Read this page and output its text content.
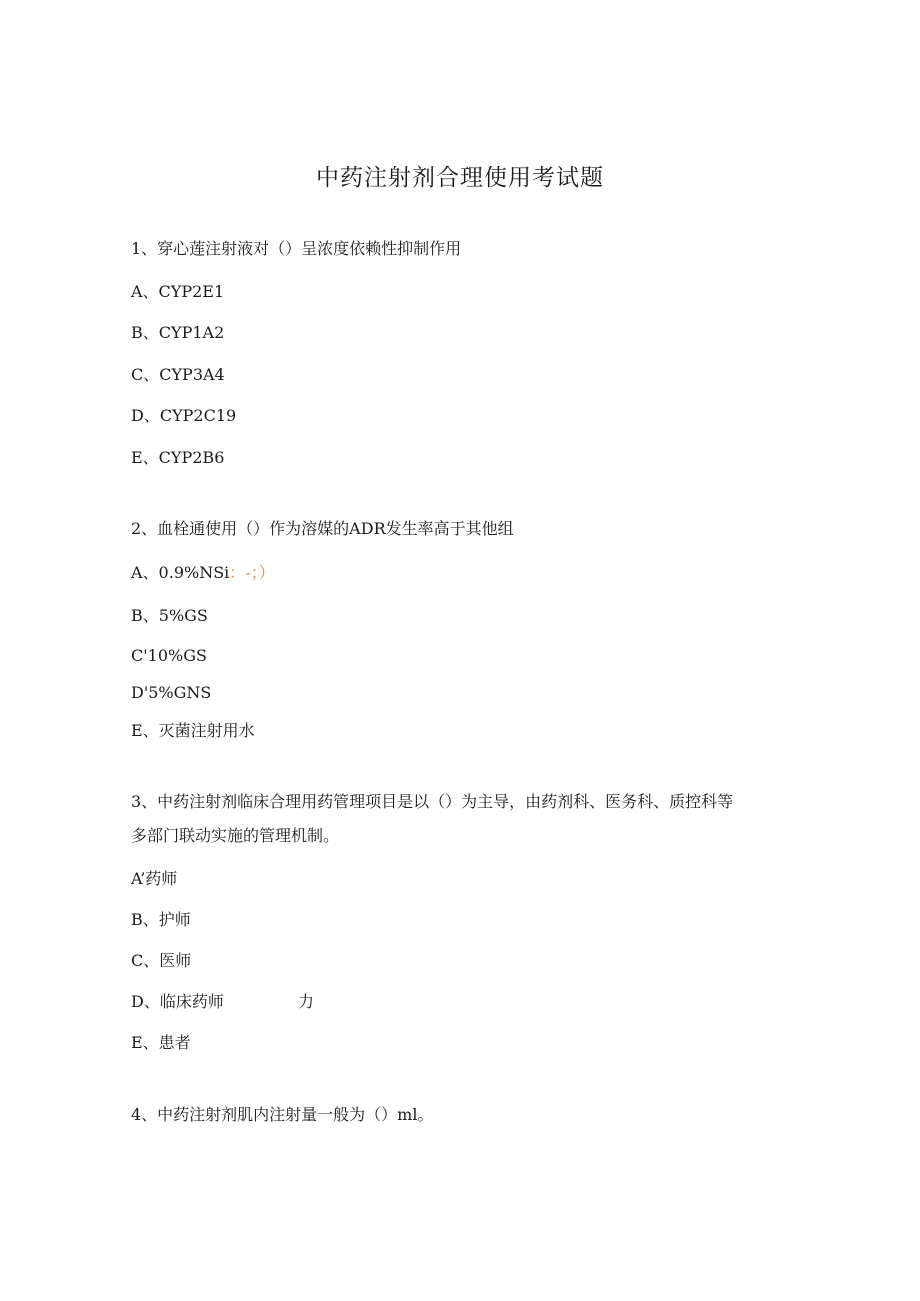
中药注射剂合理使用考试题
1、穿心莲注射液对（）呈浓度依赖性抑制作用
A、CYP2E1
B、CYP1A2
C、CYP3A4
D、CYP2C19
E、CYP2B6
2、血栓通使用（）作为溶媒的ADR发生率高于其他组
A、0.9%NSi：-；）
B、5%GS
C'10%GS
D'5%GNS
E、灭菌注射用水
3、中药注射剂临床合理用药管理项目是以（）为主导，由药剂科、医务科、质控科等
多部门联动实施的管理机制。
A’药师
B、护师
C、医师
D、临床药师	力
E、患者
4、中药注射剂肌内注射量一般为（）ml。
